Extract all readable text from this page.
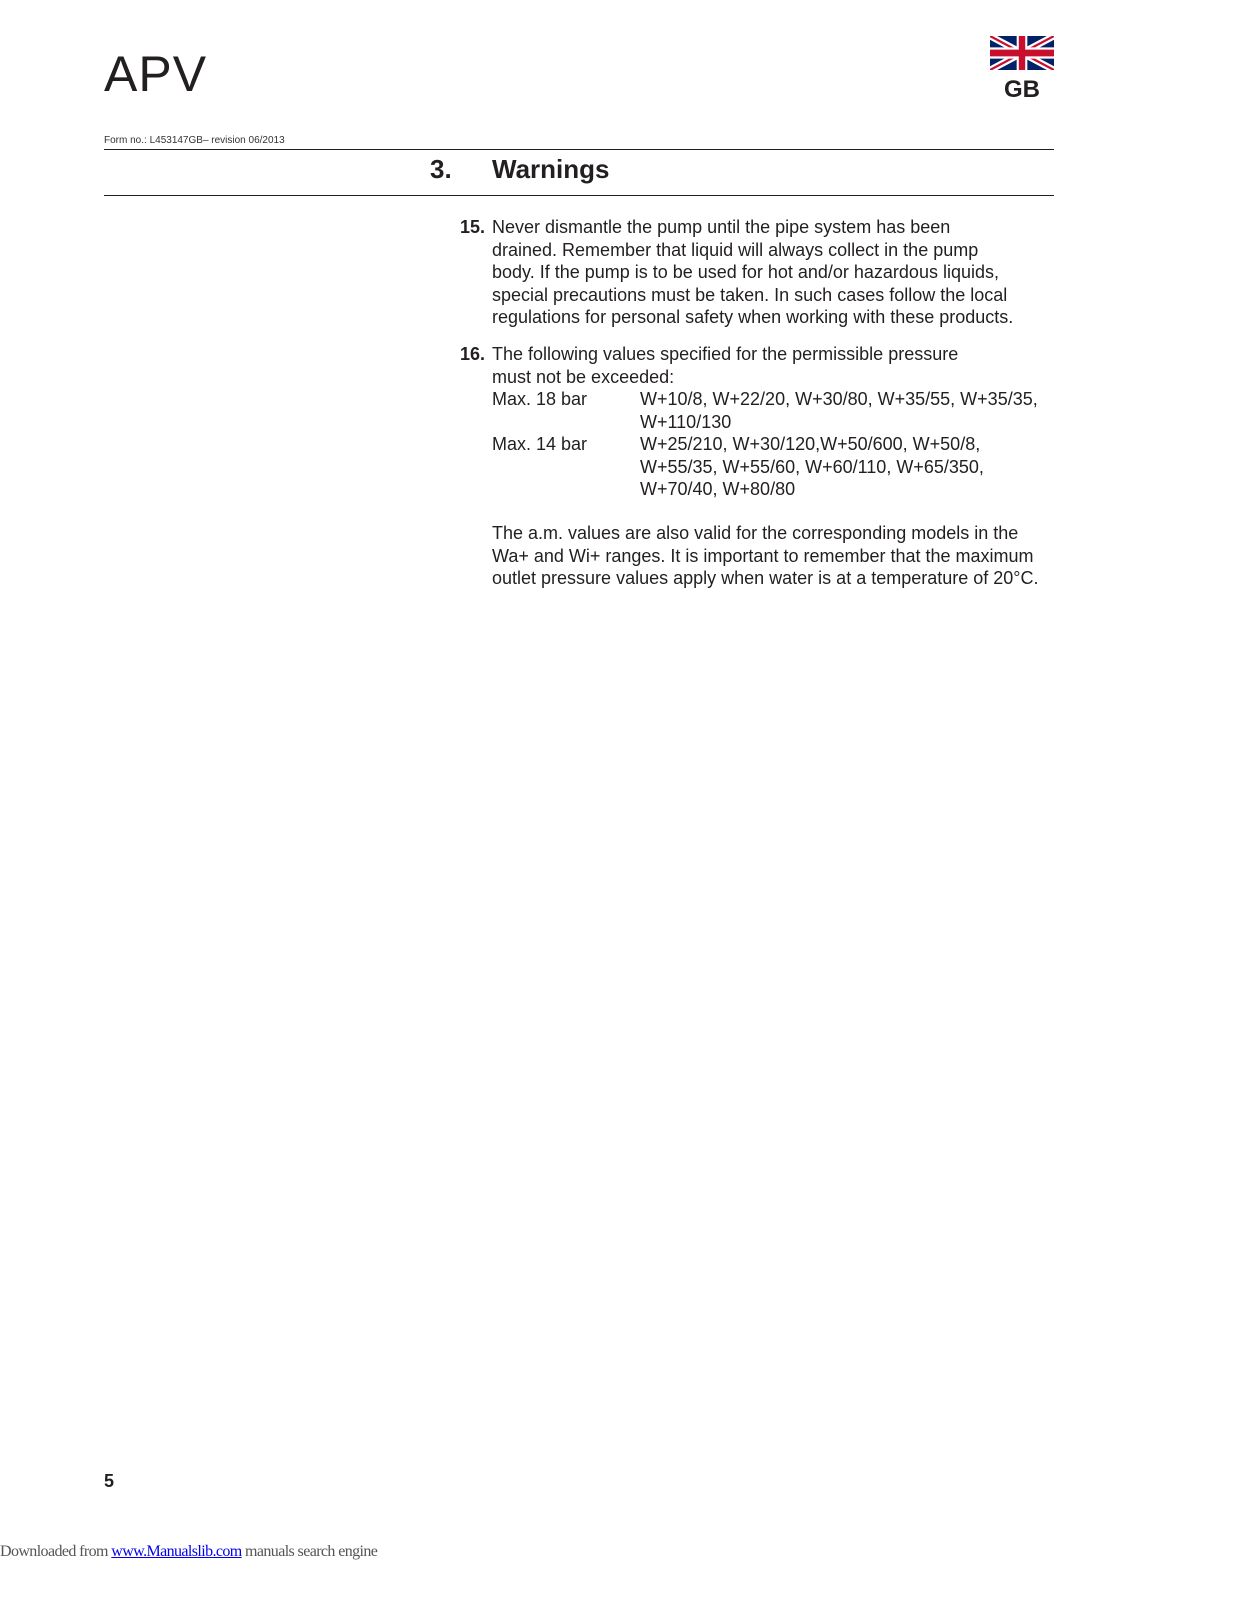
APV	GB
Form no.: L453147GB– revision 06/2013
3. Warnings
15. Never dismantle the pump until the pipe system has been

drained. Remember that liquid will always collect in the pump

body. If the pump is to be used for hot and/or hazardous liquids,

special precautions must be taken. In such cases follow the local

regulations for personal safety when working with these products.

16. The following values specified for the permissible pressure

must not be exceeded:

Max. 18 bar	W+10/8, W+22/20, W+30/80, W+35/55, W+35/35,
W+110/130
Max. 14 bar	W+25/210, W+30/120,W+50/600, W+50/8,
W+55/35, W+55/60, W+60/110, W+65/350,
W+70/40, W+80/80

The a.m. values are also valid for the corresponding models in the

Wa+ and Wi+ ranges. It is important to remember that the maximum

outlet pressure values apply when water is at a temperature of 20°C.

5
Downloaded from www.Manualslib.com manuals search engine
